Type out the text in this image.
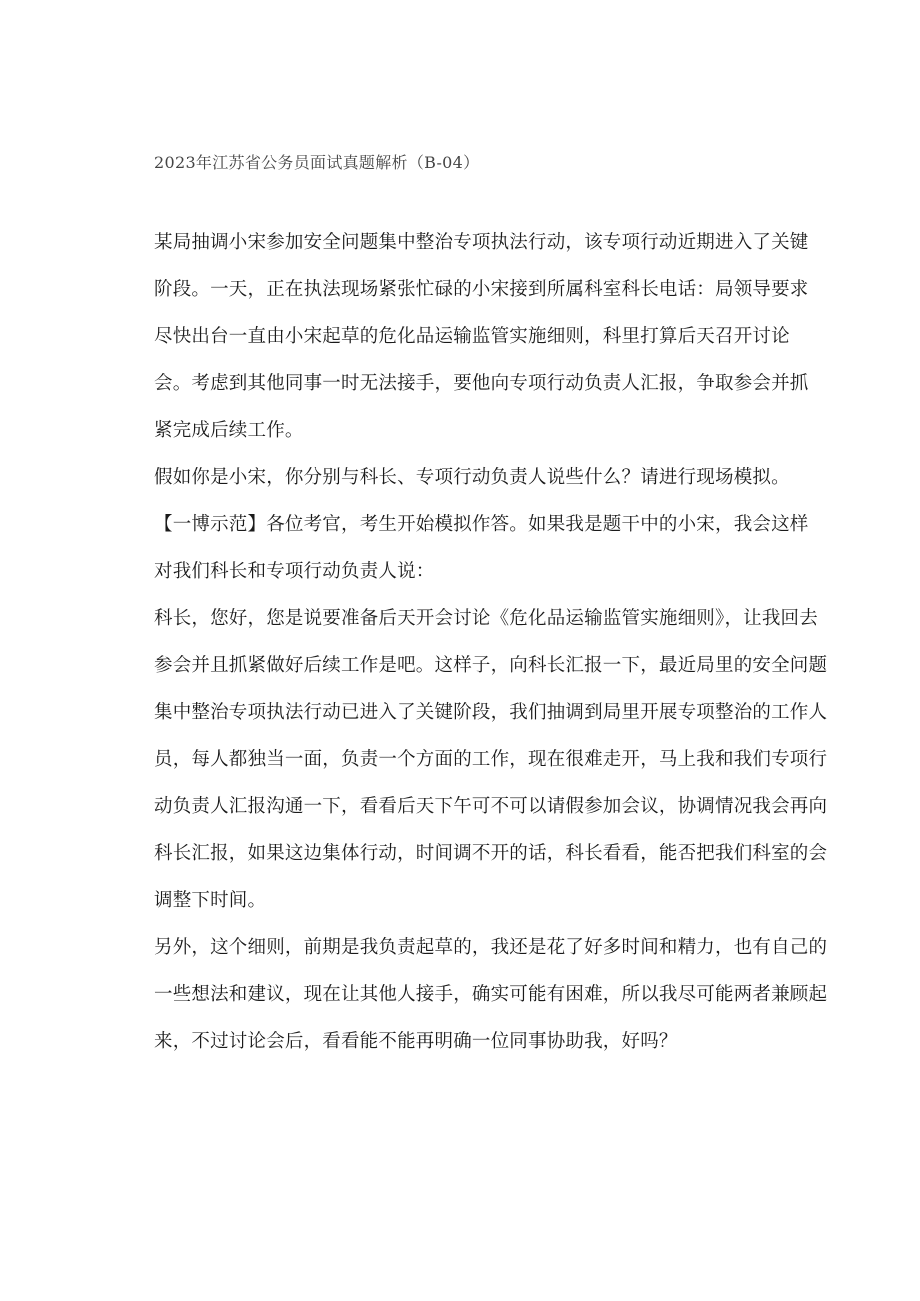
2023年江苏省公务员面试真题解析（B-04）
某局抽调小宋参加安全问题集中整治专项执法行动，该专项行动近期进入了关键
阶段。一天，正在执法现场紧张忙碌的小宋接到所属科室科长电话：局领导要求
尽快出台一直由小宋起草的危化品运输监管实施细则，科里打算后天召开讨论
会。考虑到其他同事一时无法接手，要他向专项行动负责人汇报，争取参会并抓
紧完成后续工作。
假如你是小宋，你分别与科长、专项行动负责人说些什么？请进行现场模拟。
【一博示范】各位考官，考生开始模拟作答。如果我是题干中的小宋，我会这样
对我们科长和专项行动负责人说：
科长，您好，您是说要准备后天开会讨论《危化品运输监管实施细则》，让我回去
参会并且抓紧做好后续工作是吧。这样子，向科长汇报一下，最近局里的安全问题
集中整治专项执法行动已进入了关键阶段，我们抽调到局里开展专项整治的工作人
员，每人都独当一面，负责一个方面的工作，现在很难走开，马上我和我们专项行
动负责人汇报沟通一下，看看后天下午可不可以请假参加会议，协调情况我会再向
科长汇报，如果这边集体行动，时间调不开的话，科长看看，能否把我们科室的会
调整下时间。
另外，这个细则，前期是我负责起草的，我还是花了好多时间和精力，也有自己的
一些想法和建议，现在让其他人接手，确实可能有困难，所以我尽可能两者兼顾起
来，不过讨论会后，看看能不能再明确一位同事协助我，好吗？
